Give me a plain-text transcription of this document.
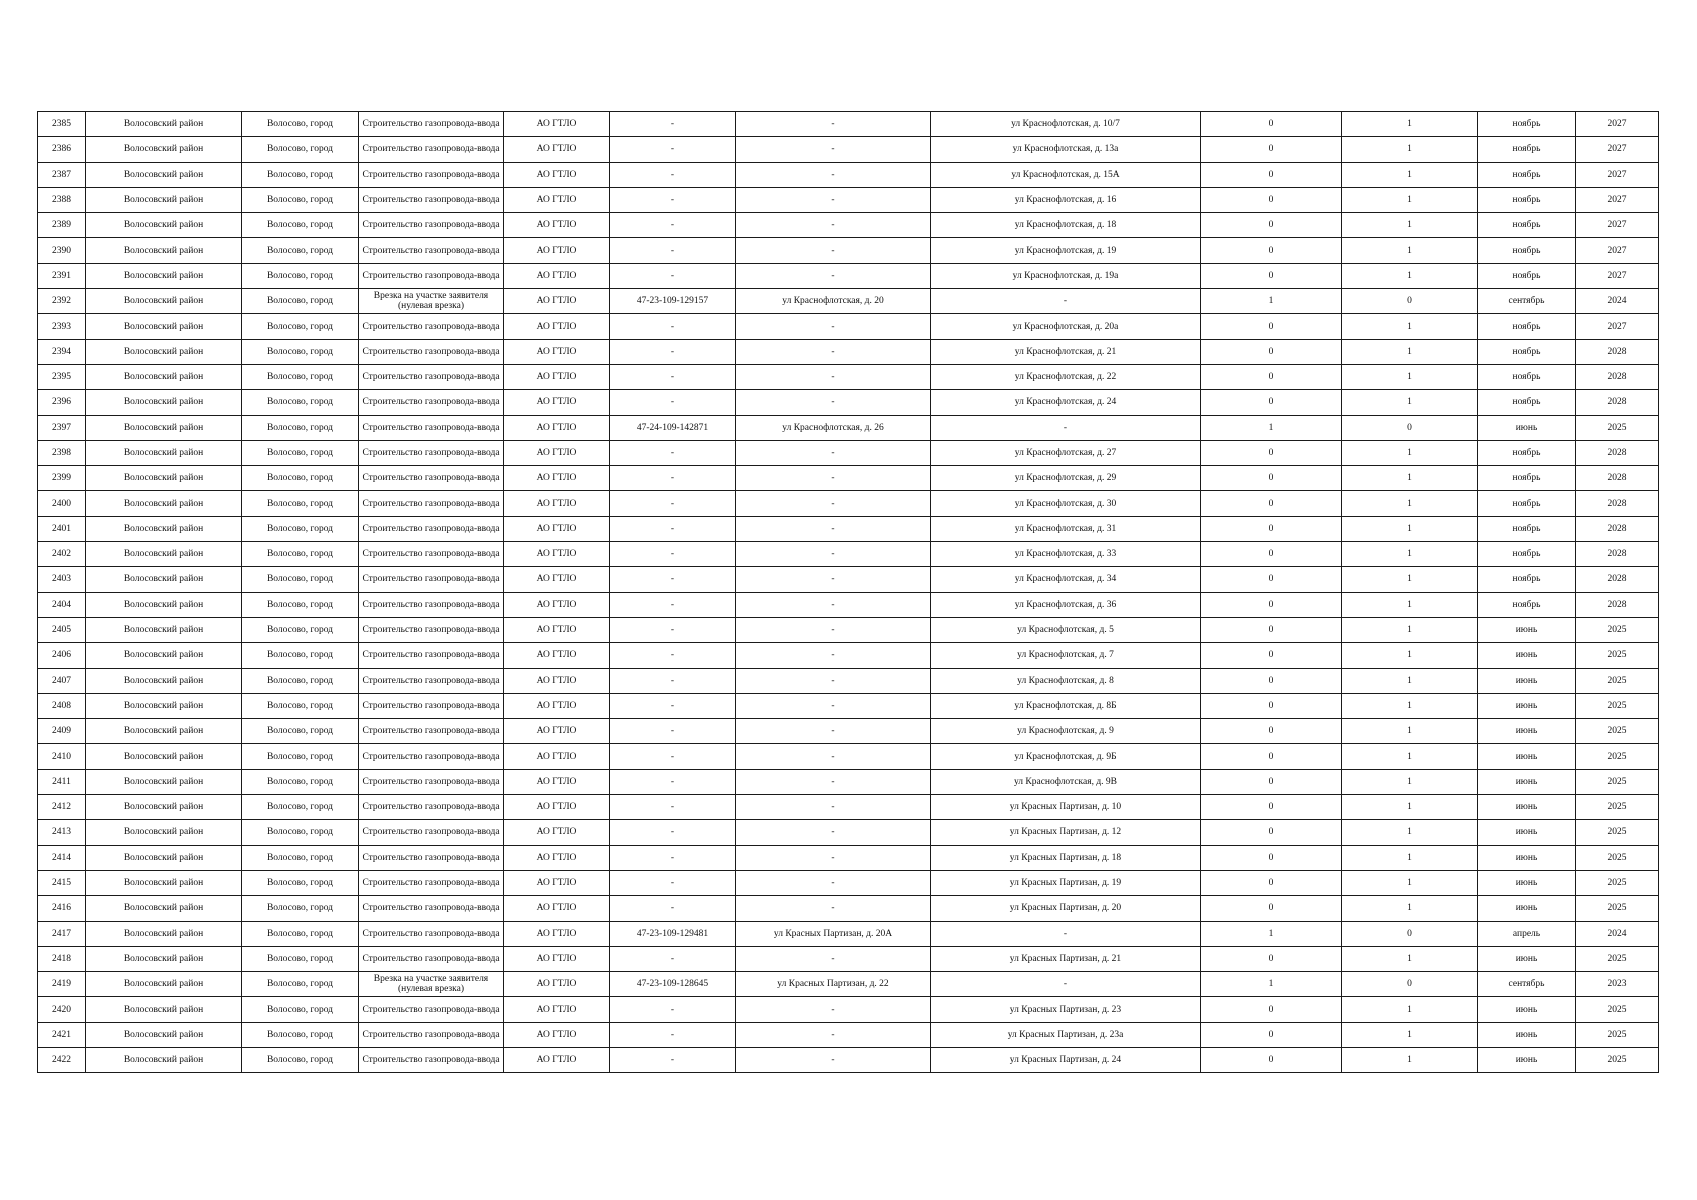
2385	Волосовский район	Волосово, город	Строительство газопровода-ввода	АО ГТЛО	-	-	ул Краснофлотская, д. 10/7	0	1	ноябрь	2027
2386	Волосовский район	Волосово, город	Строительство газопровода-ввода	АО ГТЛО	-	-	ул Краснофлотская, д. 13а	0	1	ноябрь	2027
2387	Волосовский район	Волосово, город	Строительство газопровода-ввода	АО ГТЛО	-	-	ул Краснофлотская, д. 15А	0	1	ноябрь	2027
2388	Волосовский район	Волосово, город	Строительство газопровода-ввода	АО ГТЛО	-	-	ул Краснофлотская, д. 16	0	1	ноябрь	2027
2389	Волосовский район	Волосово, город	Строительство газопровода-ввода	АО ГТЛО	-	-	ул Краснофлотская, д. 18	0	1	ноябрь	2027
2390	Волосовский район	Волосово, город	Строительство газопровода-ввода	АО ГТЛО	-	-	ул Краснофлотская, д. 19	0	1	ноябрь	2027
2391	Волосовский район	Волосово, город	Строительство газопровода-ввода	АО ГТЛО	-	-	ул Краснофлотская, д. 19а	0	1	ноябрь	2027
2392	Волосовский район	Волосово, город	Врезка на участке заявителя (нулевая врезка)	АО ГТЛО	47-23-109-129157	ул Краснофлотская, д. 20	-	1	0	сентябрь	2024
2393	Волосовский район	Волосово, город	Строительство газопровода-ввода	АО ГТЛО	-	-	ул Краснофлотская, д. 20а	0	1	ноябрь	2027
2394	Волосовский район	Волосово, город	Строительство газопровода-ввода	АО ГТЛО	-	-	ул Краснофлотская, д. 21	0	1	ноябрь	2028
2395	Волосовский район	Волосово, город	Строительство газопровода-ввода	АО ГТЛО	-	-	ул Краснофлотская, д. 22	0	1	ноябрь	2028
2396	Волосовский район	Волосово, город	Строительство газопровода-ввода	АО ГТЛО	-	-	ул Краснофлотская, д. 24	0	1	ноябрь	2028
2397	Волосовский район	Волосово, город	Строительство газопровода-ввода	АО ГТЛО	47-24-109-142871	ул Краснофлотская, д. 26	-	1	0	июнь	2025
2398	Волосовский район	Волосово, город	Строительство газопровода-ввода	АО ГТЛО	-	-	ул Краснофлотская, д. 27	0	1	ноябрь	2028
2399	Волосовский район	Волосово, город	Строительство газопровода-ввода	АО ГТЛО	-	-	ул Краснофлотская, д. 29	0	1	ноябрь	2028
2400	Волосовский район	Волосово, город	Строительство газопровода-ввода	АО ГТЛО	-	-	ул Краснофлотская, д. 30	0	1	ноябрь	2028
2401	Волосовский район	Волосово, город	Строительство газопровода-ввода	АО ГТЛО	-	-	ул Краснофлотская, д. 31	0	1	ноябрь	2028
2402	Волосовский район	Волосово, город	Строительство газопровода-ввода	АО ГТЛО	-	-	ул Краснофлотская, д. 33	0	1	ноябрь	2028
2403	Волосовский район	Волосово, город	Строительство газопровода-ввода	АО ГТЛО	-	-	ул Краснофлотская, д. 34	0	1	ноябрь	2028
2404	Волосовский район	Волосово, город	Строительство газопровода-ввода	АО ГТЛО	-	-	ул Краснофлотская, д. 36	0	1	ноябрь	2028
2405	Волосовский район	Волосово, город	Строительство газопровода-ввода	АО ГТЛО	-	-	ул Краснофлотская, д. 5	0	1	июнь	2025
2406	Волосовский район	Волосово, город	Строительство газопровода-ввода	АО ГТЛО	-	-	ул Краснофлотская, д. 7	0	1	июнь	2025
2407	Волосовский район	Волосово, город	Строительство газопровода-ввода	АО ГТЛО	-	-	ул Краснофлотская, д. 8	0	1	июнь	2025
2408	Волосовский район	Волосово, город	Строительство газопровода-ввода	АО ГТЛО	-	-	ул Краснофлотская, д. 8Б	0	1	июнь	2025
2409	Волосовский район	Волосово, город	Строительство газопровода-ввода	АО ГТЛО	-	-	ул Краснофлотская, д. 9	0	1	июнь	2025
2410	Волосовский район	Волосово, город	Строительство газопровода-ввода	АО ГТЛО	-	-	ул Краснофлотская, д. 9Б	0	1	июнь	2025
2411	Волосовский район	Волосово, город	Строительство газопровода-ввода	АО ГТЛО	-	-	ул Краснофлотская, д. 9В	0	1	июнь	2025
2412	Волосовский район	Волосово, город	Строительство газопровода-ввода	АО ГТЛО	-	-	ул Красных Партизан, д. 10	0	1	июнь	2025
2413	Волосовский район	Волосово, город	Строительство газопровода-ввода	АО ГТЛО	-	-	ул Красных Партизан, д. 12	0	1	июнь	2025
2414	Волосовский район	Волосово, город	Строительство газопровода-ввода	АО ГТЛО	-	-	ул Красных Партизан, д. 18	0	1	июнь	2025
2415	Волосовский район	Волосово, город	Строительство газопровода-ввода	АО ГТЛО	-	-	ул Красных Партизан, д. 19	0	1	июнь	2025
2416	Волосовский район	Волосово, город	Строительство газопровода-ввода	АО ГТЛО	-	-	ул Красных Партизан, д. 20	0	1	июнь	2025
2417	Волосовский район	Волосово, город	Строительство газопровода-ввода	АО ГТЛО	47-23-109-129481	ул Красных Партизан, д. 20А	-	1	0	апрель	2024
2418	Волосовский район	Волосово, город	Строительство газопровода-ввода	АО ГТЛО	-	-	ул Красных Партизан, д. 21	0	1	июнь	2025
2419	Волосовский район	Волосово, город	Врезка на участке заявителя (нулевая врезка)	АО ГТЛО	47-23-109-128645	ул Красных Партизан, д. 22	-	1	0	сентябрь	2023
2420	Волосовский район	Волосово, город	Строительство газопровода-ввода	АО ГТЛО	-	-	ул Красных Партизан, д. 23	0	1	июнь	2025
2421	Волосовский район	Волосово, город	Строительство газопровода-ввода	АО ГТЛО	-	-	ул Красных Партизан, д. 23а	0	1	июнь	2025
2422	Волосовский район	Волосово, город	Строительство газопровода-ввода	АО ГТЛО	-	-	ул Красных Партизан, д. 24	0	1	июнь	2025
